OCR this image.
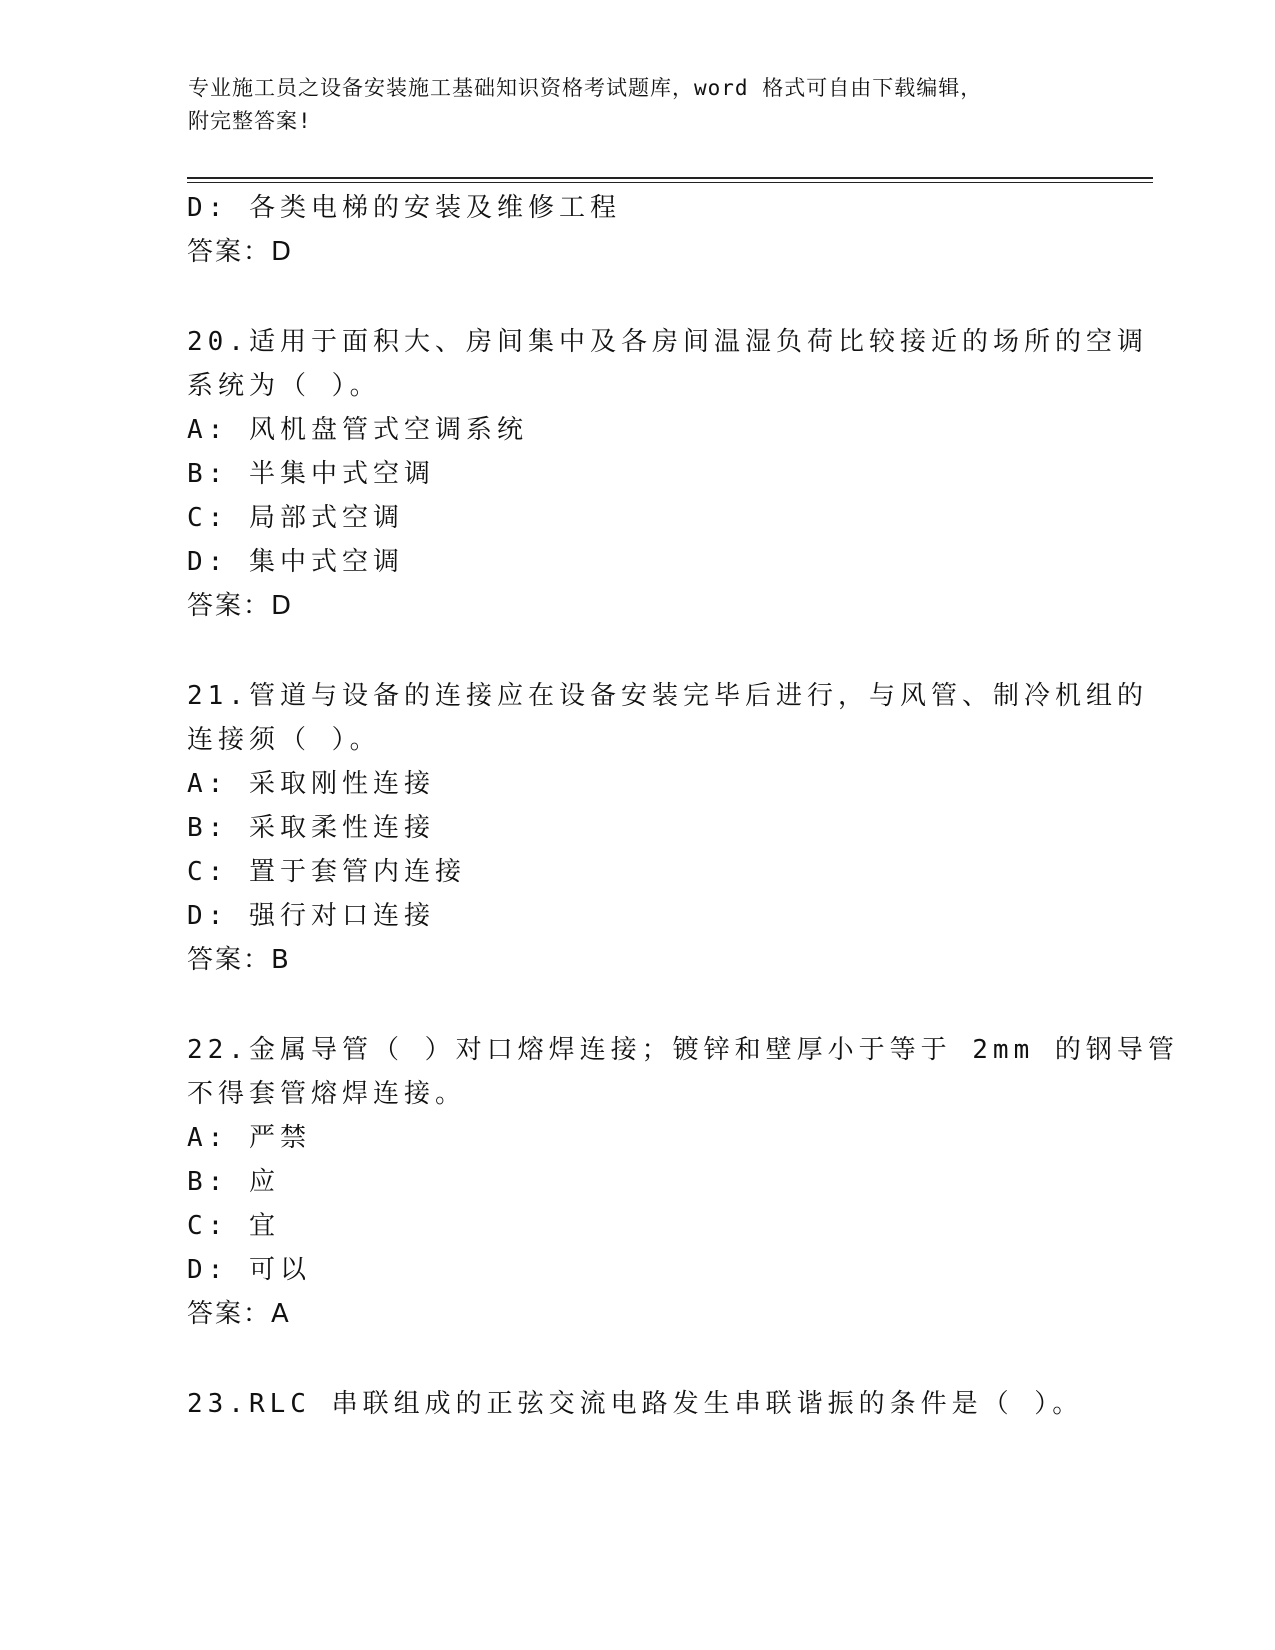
专业施工员之设备安装施工基础知识资格考试题库，word 格式可自由下载编辑，
附完整答案!
D: 各类电梯的安装及维修工程
答案：D
20.适用于面积大、房间集中及各房间温湿负荷比较接近的场所的空调
系统为（ ）。
A: 风机盘管式空调系统
B: 半集中式空调
C: 局部式空调
D: 集中式空调
答案：D
21.管道与设备的连接应在设备安装完毕后进行，与风管、制冷机组的
连接须（ ）。
A: 采取刚性连接
B: 采取柔性连接
C: 置于套管内连接
D: 强行对口连接
答案：B
22.金属导管（ ）对口熔焊连接；镀锌和壁厚小于等于 2mm 的钢导管
不得套管熔焊连接。
A: 严禁
B: 应
C: 宜
D: 可以
答案：A
23.RLC 串联组成的正弦交流电路发生串联谐振的条件是（ ）。
